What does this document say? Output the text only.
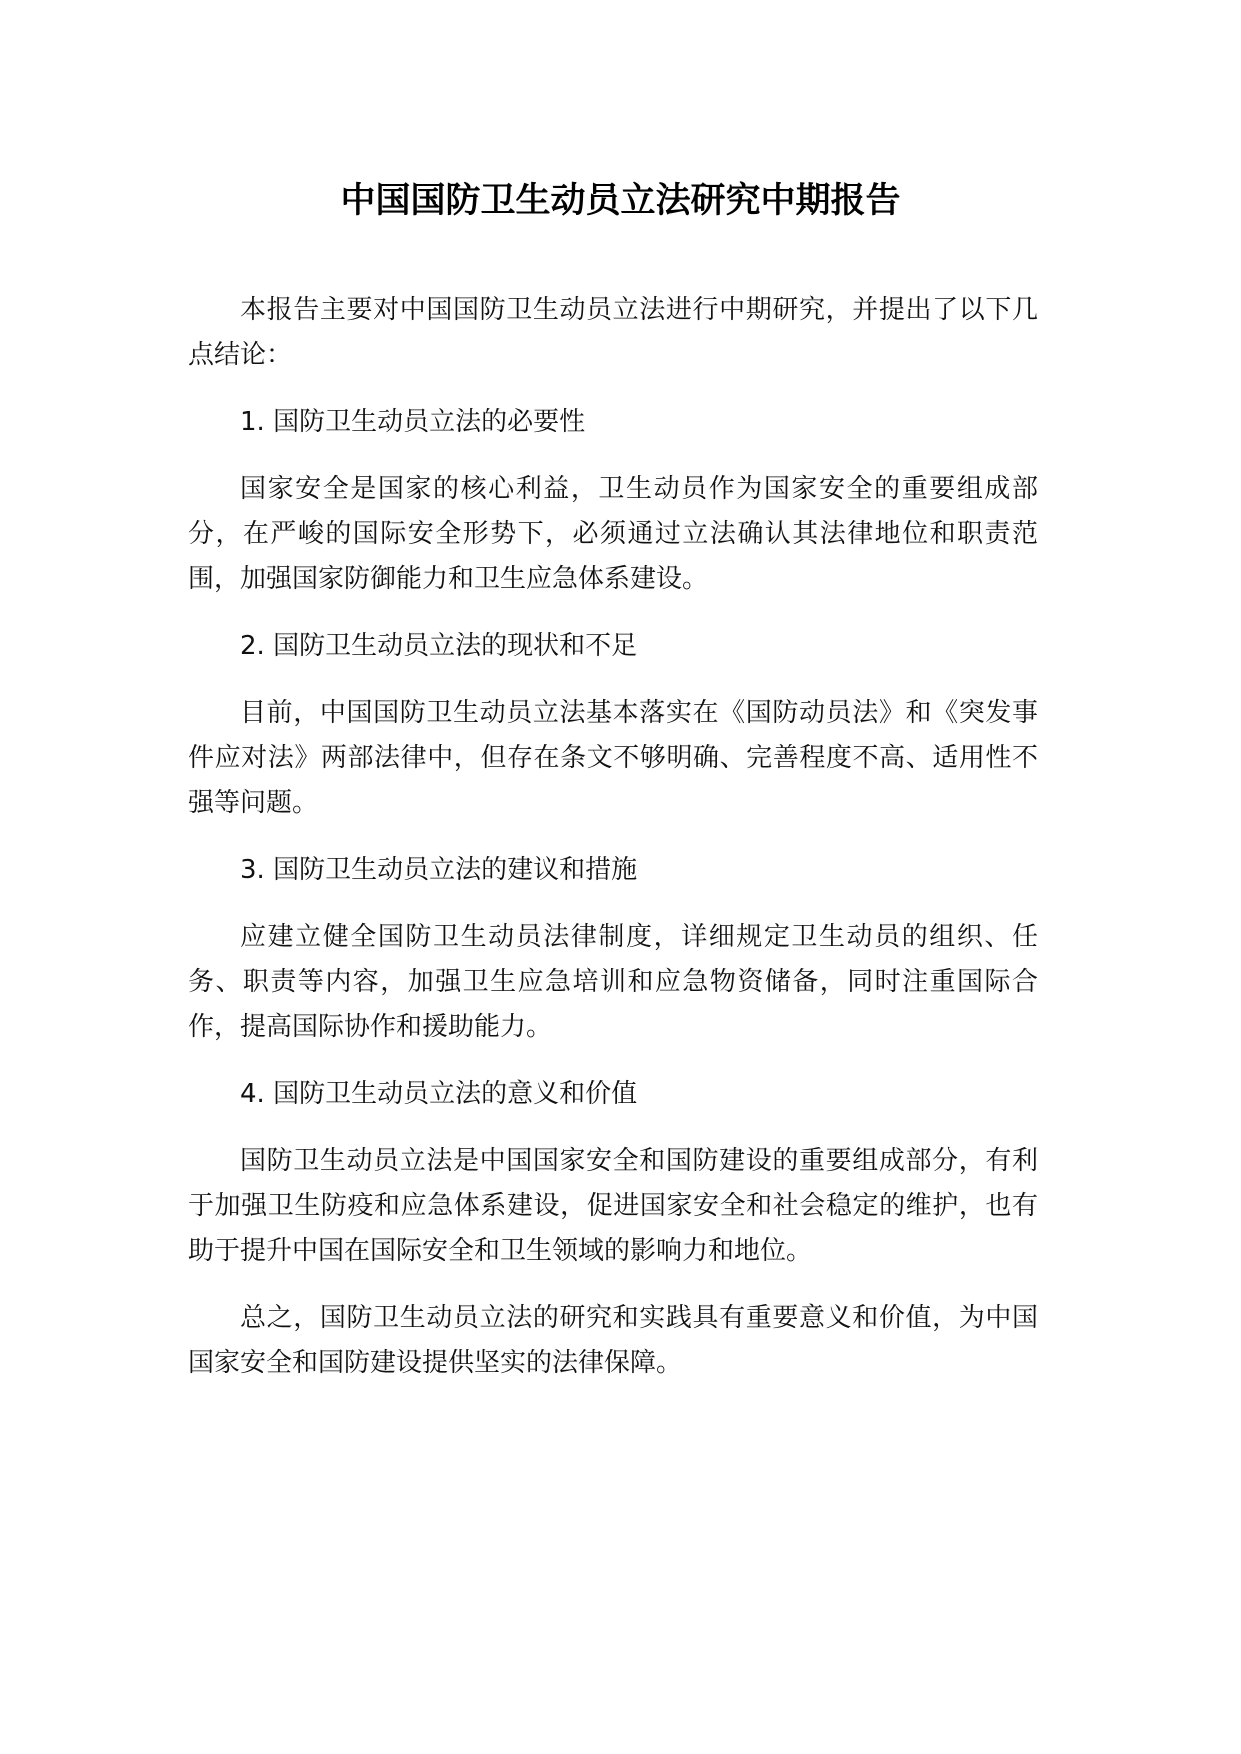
中国国防卫生动员立法研究中期报告

本报告主要对中国国防卫生动员立法进行中期研究，并提出了以下几点结论：

1. 国防卫生动员立法的必要性

国家安全是国家的核心利益，卫生动员作为国家安全的重要组成部分，在严峻的国际安全形势下，必须通过立法确认其法律地位和职责范围，加强国家防御能力和卫生应急体系建设。

2. 国防卫生动员立法的现状和不足

目前，中国国防卫生动员立法基本落实在《国防动员法》和《突发事件应对法》两部法律中，但存在条文不够明确、完善程度不高、适用性不强等问题。

3. 国防卫生动员立法的建议和措施

应建立健全国防卫生动员法律制度，详细规定卫生动员的组织、任务、职责等内容，加强卫生应急培训和应急物资储备，同时注重国际合作，提高国际协作和援助能力。

4. 国防卫生动员立法的意义和价值

国防卫生动员立法是中国国家安全和国防建设的重要组成部分，有利于加强卫生防疫和应急体系建设，促进国家安全和社会稳定的维护，也有助于提升中国在国际安全和卫生领域的影响力和地位。

总之，国防卫生动员立法的研究和实践具有重要意义和价值，为中国国家安全和国防建设提供坚实的法律保障。
